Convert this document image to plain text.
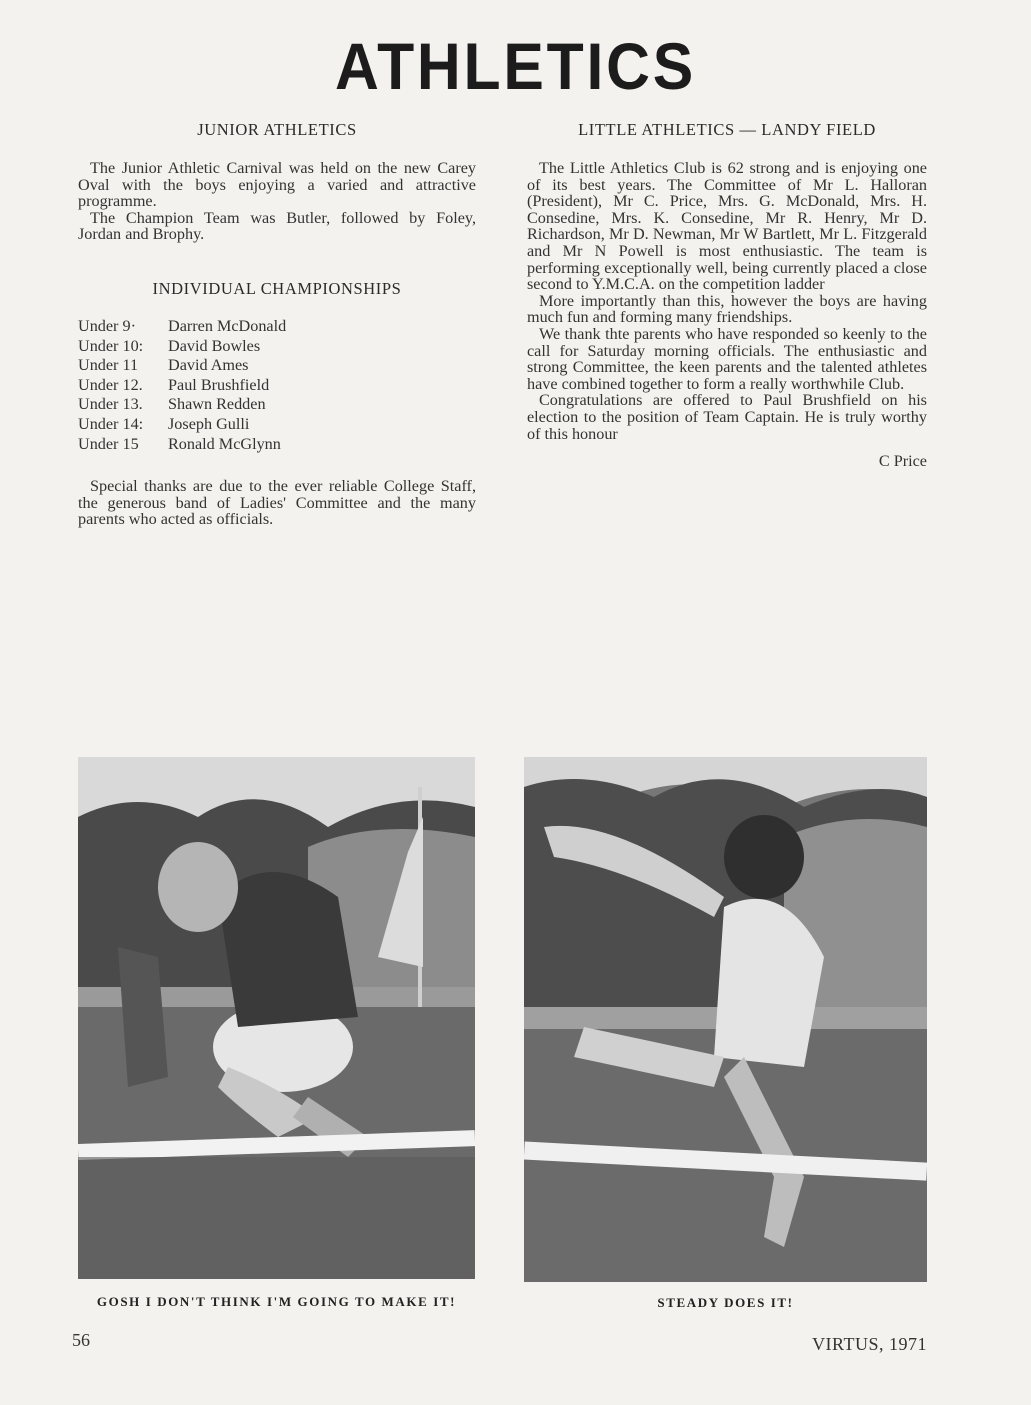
ATHLETICS
JUNIOR ATHLETICS

The Junior Athletic Carnival was held on the new Carey Oval with the boys enjoying a varied and attractive programme.

The Champion Team was Butler, followed by Foley, Jordan and Brophy.

INDIVIDUAL CHAMPIONSHIPS
Under 9·	Darren McDonald
Under 10:	David Bowles
Under 11	David Ames
Under 12.	Paul Brushfield
Under 13.	Shawn Redden
Under 14:	Joseph Gulli
Under 15	Ronald McGlynn

Special thanks are due to the ever reliable College Staff, the generous band of Ladies' Committee and the many parents who acted as officials.

LITTLE ATHLETICS — LANDY FIELD

The Little Athletics Club is 62 strong and is enjoying one of its best years. The Committee of Mr L. Halloran (President), Mr C. Price, Mrs. G. McDonald, Mrs. H. Consedine, Mrs. K. Consedine, Mr R. Henry, Mr D. Richardson, Mr D. Newman, Mr W Bartlett, Mr L. Fitzgerald and Mr N Powell is most enthusiastic. The team is performing exceptionally well, being currently placed a close second to Y.M.C.A. on the competition ladder

More importantly than this, however the boys are having much fun and forming many friendships.

We thank thte parents who have responded so keenly to the call for Saturday morning officials. The enthusiastic and strong Committee, the keen parents and the talented athletes have combined together to form a really worthwhile Club.

Congratulations are offered to Paul Brushfield on his election to the position of Team Captain. He is truly worthy of this honour

C Price
GOSH I DON'T THINK I'M GOING TO MAKE IT!	STEADY DOES IT!
56	VIRTUS, 1971
